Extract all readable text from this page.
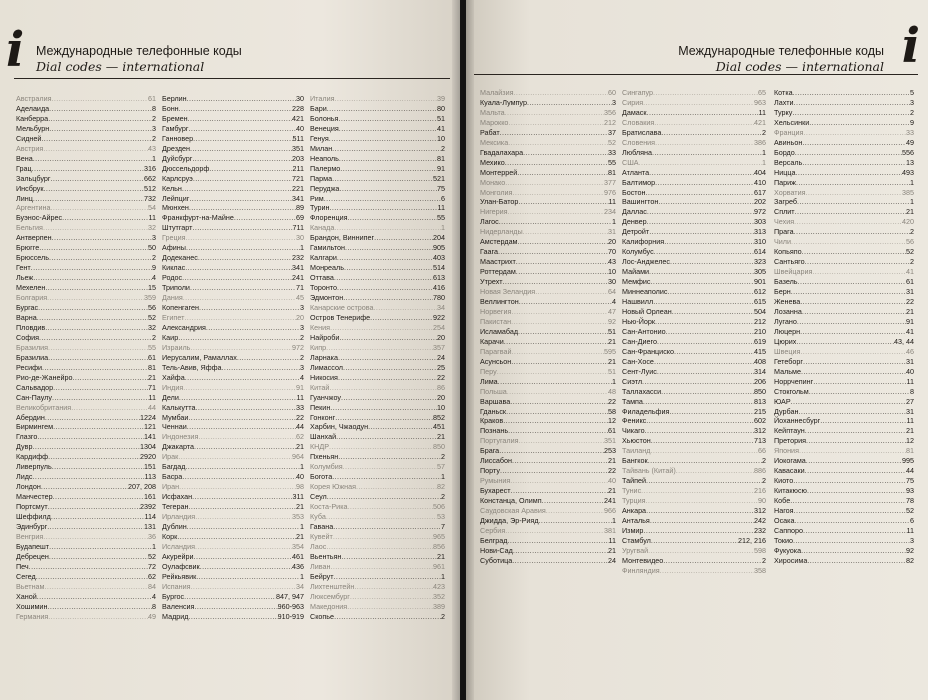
i Международные телефонные коды
Dial codes — international
Австралия .....	61
Аделаида .....	8
Канберра .....	2
Мельбурн .....	3
Сидней .....	2
Австрия .....	43
Вена .....	1
Грац .....	316
Зальцбург .....	662
Инсбрук .....	512
Линц .....	732
Аргентина .....	54
Буэнос-Айрес .....	11
Бельгия .....	32
Антверпен .....	3
Брюгге .....	50
Брюссель .....	2
Гент .....	9
Льеж .....	4
Мехелен .....	15
Болгария .....	359
Бургас .....	56
Варна .....	52
Пловдив .....	32
София .....	2
Бразилия .....	55
Бразилиа .....	61
Ресифи .....	81
Рио-де-Жанейро .....	21
Сальвадор .....	71
Сан-Паулу .....	11
Великобритания .....	44
Абердин .....	1224
Бирмингем .....	121
Глазго .....	141
Дувр .....	1304
Кардифф .....	2920
Ливерпуль .....	151
Лидс .....	113
Лондон .....	207, 208
Манчестер .....	161
Портсмут .....	2392
Шеффилд .....	114
Эдинбург .....	131
Венгрия .....	36
Будапешт .....	1
Дебрецен .....	52
Печ .....	72
Сегед .....	62
Вьетнам .....	84
Ханой .....	4
Хошимин .....	8
Германия .....	49
Берлин .....	30
Бонн .....	228
Бремен .....	421
Гамбург .....	40
Ганновер .....	511
Дрезден .....	351
Дуйсбург .....	203
Дюссельдорф .....	211
Карлсруэ .....	721
Кельн .....	221
Лейпциг .....	341
Мюнхен .....	89
Франкфурт-на-Майне .....	69
Штутгарт .....	711
Греция .....	30
Афины .....	1
Додеканес .....	232
Киклас .....	341
Родос .....	241
Триполи .....	71
Дания .....	45
Копенгаген .....	3
Египет .....	20
Александрия .....	3
Каир .....	2
Израиль .....	972
Иерусалим, Рамаллах .....	2
Тель-Авив, Яффа .....	3
Хайфа .....	4
Индия .....	91
Дели .....	11
Калькутта .....	33
Мумбаи .....	22
Ченнаи .....	44
Индонезия .....	62
Джакарта .....	21
Ирак .....	964
Багдад .....	1
Басра .....	40
Иран .....	98
Исфахан .....	311
Тегеран .....	21
Ирландия .....	353
Дублин .....	1
Корк .....	21
Исландия .....	354
Акурейри .....	461
Оулафсвик .....	436
Рейкьявик .....	1
Испания .....	34
Бургос .....	847, 947
Валенсия .....	960-963
Мадрид .....	910-919
Италия .....	39
Бари .....	80
Болонья .....	51
Венеция .....	41
Генуя .....	10
Милан .....	2
Неаполь .....	81
Палермо .....	91
Парма .....	521
Перуджа .....	75
Рим .....	6
Турин .....	11
Флоренция .....	55
Канада .....	1
Брандон, Виннипег .....	204
Гамильтон .....	905
Калгари .....	403
Монреаль .....	514
Оттава .....	613
Торонто .....	416
Эдмонтон .....	780
Канарские острова .....	34
Остров Тенерифе .....	922
Кения .....	254
Найроби .....	20
Кипр .....	357
Ларнака .....	24
Лимассол .....	25
Никосия .....	22
Китай .....	86
Гуанчжоу .....	20
Пекин .....	10
Гонконг .....	852
Харбин, Чжаодун .....	451
Шанхай .....	21
КНДР .....	850
Пхеньян .....	2
Колумбия .....	57
Богота .....	1
Корея Южная .....	82
Сеул .....	2
Коста-Рика .....	506
Куба .....	53
Гавана .....	7
Кувейт .....	965
Лаос .....	856
Вьентьян .....	21
Ливан .....	961
Бейрут .....	1
Лихтенштейн .....	423
Люксембург .....	352
Македония .....	389
Скопье .....	2
Международные телефонные коды
Dial codes — international i
Малайзия .....	60
Куала-Лумпур .....	3
Мальта .....	356
Марокко .....	212
Рабат .....	37
Мексика .....	52
Гвадалахара .....	33
Мехико .....	55
Монтеррей .....	81
Монако .....	377
Монголия .....	976
Улан-Батор .....	11
Нигерия .....	234
Лагос .....	1
Нидерланды .....	31
Амстердам .....	20
Гаага .....	70
Маастрихт .....	43
Роттердам .....	10
Утрехт .....	30
Новая Зеландия .....	64
Веллингтон .....	4
Норвегия .....	47
Пакистан .....	92
Исламабад .....	51
Карачи .....	21
Парагвай .....	595
Асунсьон .....	21
Перу .....	51
Лима .....	1
Польша .....	48
Варшава .....	22
Гданьск .....	58
Краков .....	12
Познань .....	61
Португалия .....	351
Брага .....	253
Лиссабон .....	21
Порту .....	22
Румыния .....	40
Бухарест .....	21
Констанца, Олимп .....	241
Саудовская Аравия .....	966
Джидда, Эр-Рияд .....	1
Сербия .....	381
Белград .....	11
Нови-Сад .....	21
Суботица .....	24
Сингапур .....	65
Сирия .....	963
Дамаск .....	11
Словакия .....	421
Братислава .....	2
Словения .....	386
Любляна .....	1
США .....	1
Атланта .....	404
Балтимор .....	410
Бостон .....	617
Вашингтон .....	202
Даллас .....	972
Денвер .....	303
Детройт .....	313
Калифорния .....	310
Колумбус .....	614
Лос-Анджелес .....	323
Майами .....	305
Мемфис .....	901
Миннеаполис .....	612
Нашвилл .....	615
Новый Орлеан .....	504
Нью-Йорк .....	212
Сан-Антонио .....	210
Сан-Диего .....	619
Сан-Франциско .....	415
Сан-Хосе .....	408
Сент-Луис .....	314
Сиэтл .....	206
Таллахасси .....	850
Тампа .....	813
Филадельфия .....	215
Феникс .....	602
Чикаго .....	312
Хьюстон .....	713
Таиланд .....	66
Бангкок .....	2
Тайвань (Китай) .....	886
Тайпей .....	2
Тунис .....	216
Турция .....	90
Анкара .....	312
Анталья .....	242
Измир .....	232
Стамбул .....	212, 216
Уругвай .....	598
Монтевидео .....	2
Финляндия .....	358
Котка .....	5
Лахти .....	3
Турку .....	2
Хельсинки .....	9
Франция .....	33
Авиньон .....	49
Бордо .....	556
Версаль .....	13
Ницца .....	493
Париж .....	1
Хорватия .....	385
Загреб .....	1
Сплит .....	21
Чехия .....	420
Прага .....	2
Чили .....	56
Копьяпо .....	52
Сантьяго .....	2
Швейцария .....	41
Базель .....	61
Берн .....	31
Женева .....	22
Лозанна .....	21
Лугано .....	91
Люцерн .....	41
Цюрих .....	43, 44
Швеция .....	46
Гетеборг .....	31
Мальме .....	40
Норрчепинг .....	11
Стокгольм .....	8
ЮАР .....	27
Дурбан .....	31
Йоханнесбург .....	11
Кейптаун .....	21
Претория .....	12
Япония .....	81
Иокогама .....	995
Кавасаки .....	44
Киото .....	75
Китакюсю .....	93
Кобе .....	78
Нагоя .....	52
Осака .....	6
Саппоро .....	11
Токио .....	3
Фукуока .....	92
Хиросима .....	82
